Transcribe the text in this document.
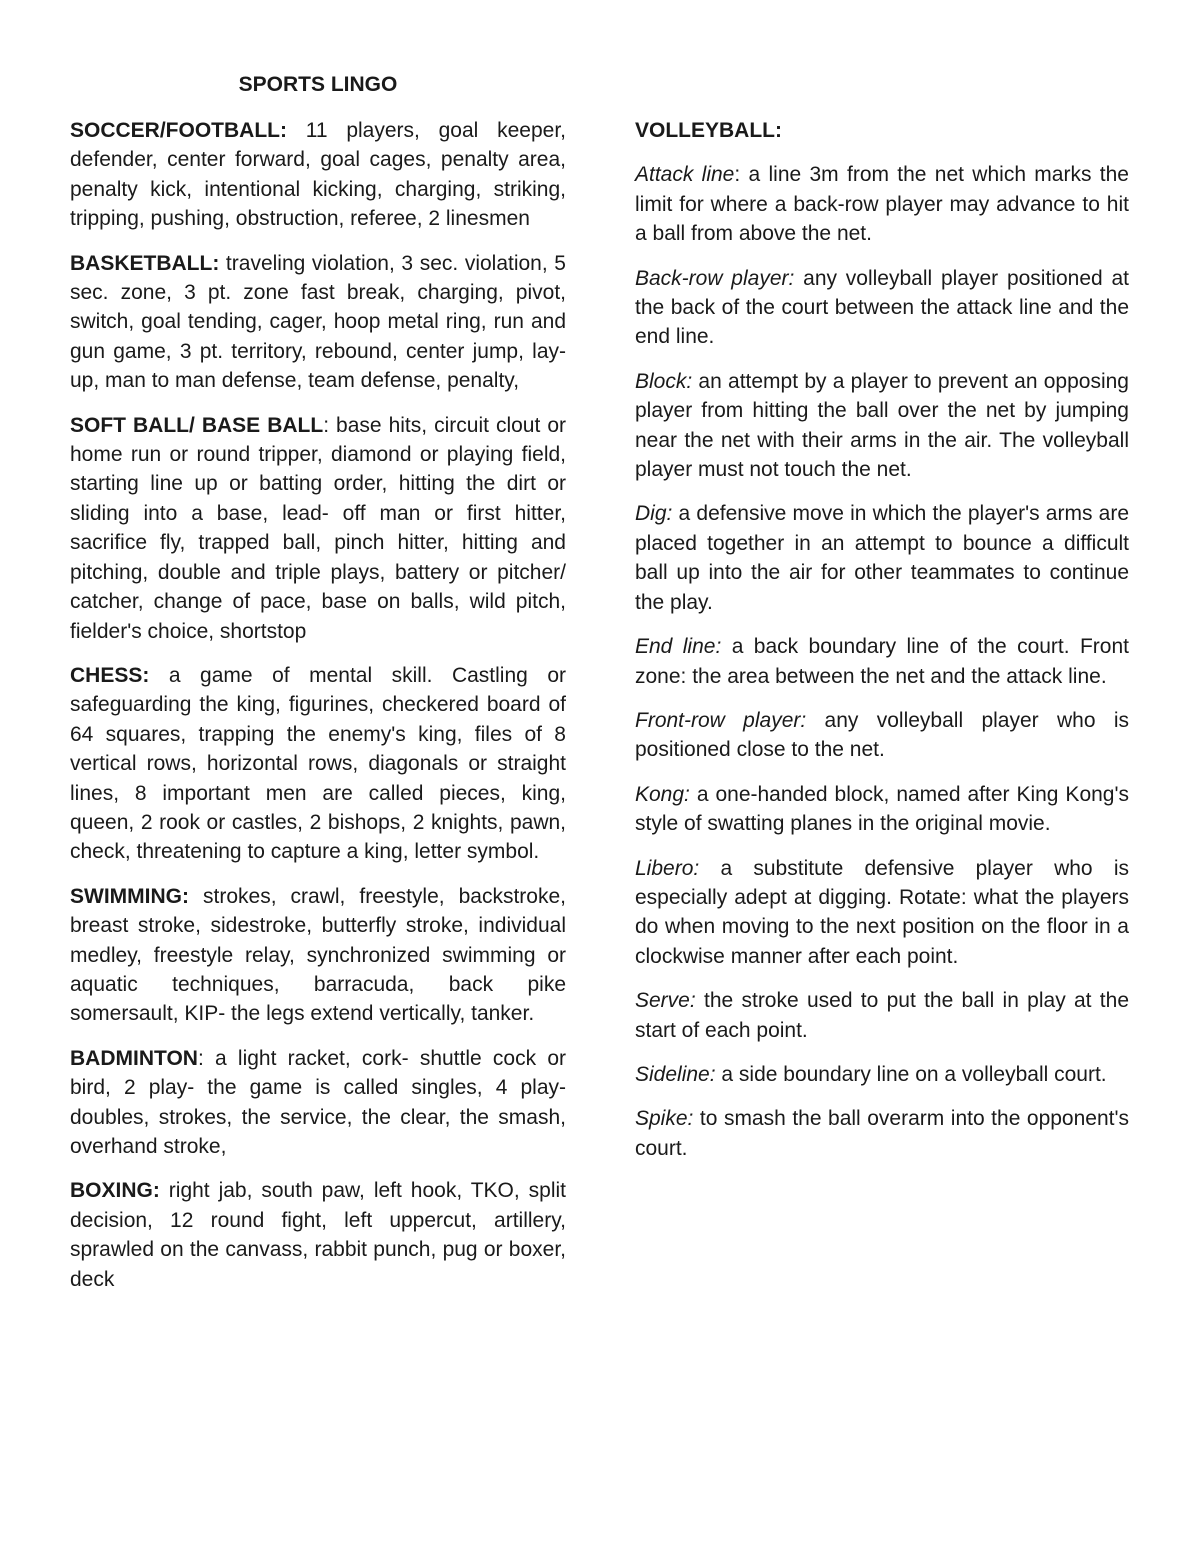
SPORTS LINGO

SOCCER/FOOTBALL: 11 players, goal keeper, defender, center forward, goal cages, penalty area, penalty kick, intentional kicking, charging, striking, tripping, pushing, obstruction, referee, 2 linesmen

BASKETBALL: traveling violation, 3 sec. violation, 5 sec. zone, 3 pt. zone fast break, charging, pivot, switch, goal tending, cager, hoop metal ring, run and gun game, 3 pt. territory, rebound, center jump, lay-up, man to man defense, team defense, penalty,

SOFT BALL/ BASE BALL: base hits, circuit clout or home run or round tripper, diamond or playing field, starting line up or batting order, hitting the dirt or sliding into a base, lead- off man or first hitter, sacrifice fly, trapped ball, pinch hitter, hitting and pitching, double and triple plays, battery or pitcher/ catcher, change of pace, base on balls, wild pitch, fielder's choice, shortstop

CHESS: a game of mental skill. Castling or safeguarding the king, figurines, checkered board of 64 squares, trapping the enemy's king, files of 8 vertical rows, horizontal rows, diagonals or straight lines, 8 important men are called pieces, king, queen, 2 rook or castles, 2 bishops, 2 knights, pawn, check, threatening to capture a king, letter symbol.

SWIMMING: strokes, crawl, freestyle, backstroke, breast stroke, sidestroke, butterfly stroke, individual medley, freestyle relay, synchronized swimming or aquatic techniques, barracuda, back pike somersault, KIP- the legs extend vertically, tanker.

BADMINTON: a light racket, cork- shuttle cock or bird, 2 play- the game is called singles, 4 play- doubles, strokes, the service, the clear, the smash, overhand stroke,

BOXING: right jab, south paw, left hook, TKO, split decision, 12 round fight, left uppercut, artillery, sprawled on the canvass, rabbit punch, pug or boxer, deck

VOLLEYBALL:

Attack line: a line 3m from the net which marks the limit for where a back-row player may advance to hit a ball from above the net.

Back-row player: any volleyball player positioned at the back of the court between the attack line and the end line.

Block: an attempt by a player to prevent an opposing player from hitting the ball over the net by jumping near the net with their arms in the air. The volleyball player must not touch the net.

Dig: a defensive move in which the player's arms are placed together in an attempt to bounce a difficult ball up into the air for other teammates to continue the play.

End line: a back boundary line of the court. Front zone: the area between the net and the attack line.

Front-row player: any volleyball player who is positioned close to the net.

Kong: a one-handed block, named after King Kong's style of swatting planes in the original movie.

Libero: a substitute defensive player who is especially adept at digging. Rotate: what the players do when moving to the next position on the floor in a clockwise manner after each point.

Serve: the stroke used to put the ball in play at the start of each point.

Sideline: a side boundary line on a volleyball court.

Spike: to smash the ball overarm into the opponent's court.
